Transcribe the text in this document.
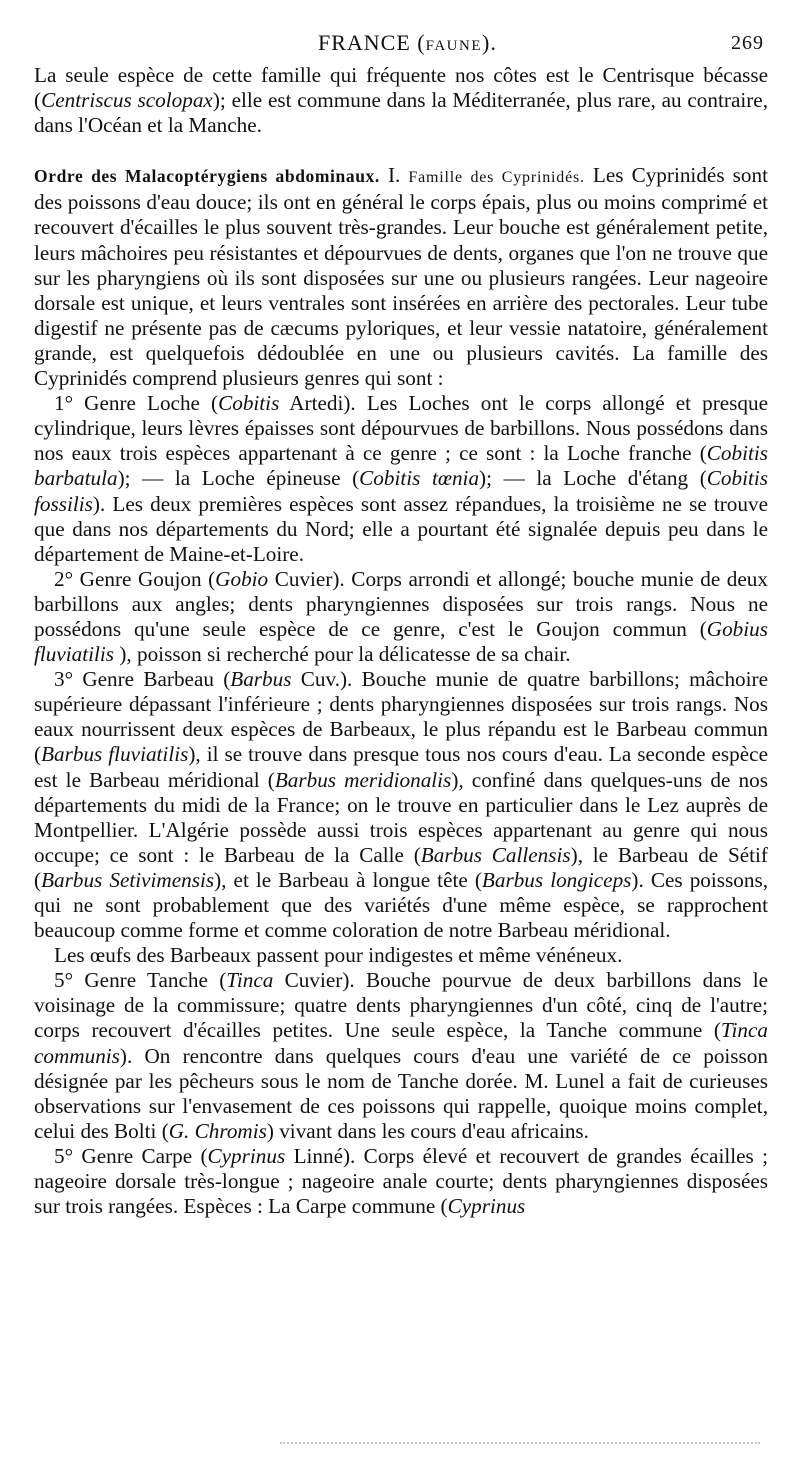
FRANCE (FAUNE).	269

La seule espèce de cette famille qui fréquente nos côtes est le Centrisque bécasse (Centriscus scolopax); elle est commune dans la Méditerranée, plus rare, au contraire, dans l'Océan et la Manche.

Ordre des Malacoptérygiens abdominaux. I. Famille des Cyprinidés. Les Cyprinidés sont des poissons d'eau douce; ils ont en général le corps épais, plus ou moins comprimé et recouvert d'écailles le plus souvent très-grandes. Leur bouche est généralement petite, leurs mâchoires peu résistantes et dépourvues de dents, organes que l'on ne trouve que sur les pharyngiens où ils sont disposées sur une ou plusieurs rangées. Leur nageoire dorsale est unique, et leurs ventrales sont insérées en arrière des pectorales. Leur tube digestif ne présente pas de cæcums pyloriques, et leur vessie natatoire, généralement grande, est quelquefois dédoublée en une ou plusieurs cavités. La famille des Cyprinidés comprend plusieurs genres qui sont :

1° Genre Loche (Cobitis Artedi). Les Loches ont le corps allongé et presque cylindrique, leurs lèvres épaisses sont dépourvues de barbillons. Nous possédons dans nos eaux trois espèces appartenant à ce genre ; ce sont : la Loche franche (Cobitis barbatula); — la Loche épineuse (Cobitis tœnia); — la Loche d'étang (Cobitis fossilis). Les deux premières espèces sont assez répandues, la troisième ne se trouve que dans nos départements du Nord; elle a pourtant été signalée depuis peu dans le département de Maine-et-Loire.

2° Genre Goujon (Gobio Cuvier). Corps arrondi et allongé; bouche munie de deux barbillons aux angles; dents pharyngiennes disposées sur trois rangs. Nous ne possédons qu'une seule espèce de ce genre, c'est le Goujon commun (Gobius fluviatilis ), poisson si recherché pour la délicatesse de sa chair.

3° Genre Barbeau (Barbus Cuv.). Bouche munie de quatre barbillons; mâchoire supérieure dépassant l'inférieure ; dents pharyngiennes disposées sur trois rangs. Nos eaux nourrissent deux espèces de Barbeaux, le plus répandu est le Barbeau commun (Barbus fluviatilis), il se trouve dans presque tous nos cours d'eau. La seconde espèce est le Barbeau méridional (Barbus meridionalis), confiné dans quelques-uns de nos départements du midi de la France; on le trouve en particulier dans le Lez auprès de Montpellier. L'Algérie possède aussi trois espèces appartenant au genre qui nous occupe; ce sont : le Barbeau de la Calle (Barbus Callensis), le Barbeau de Sétif (Barbus Setivimensis), et le Barbeau à longue tête (Barbus longiceps). Ces poissons, qui ne sont probablement que des variétés d'une même espèce, se rapprochent beaucoup comme forme et comme coloration de notre Barbeau méridional.

Les œufs des Barbeaux passent pour indigestes et même vénéneux.

5° Genre Tanche (Tinca Cuvier). Bouche pourvue de deux barbillons dans le voisinage de la commissure; quatre dents pharyngiennes d'un côté, cinq de l'autre; corps recouvert d'écailles petites. Une seule espèce, la Tanche commune (Tinca communis). On rencontre dans quelques cours d'eau une variété de ce poisson désignée par les pêcheurs sous le nom de Tanche dorée. M. Lunel a fait de curieuses observations sur l'envasement de ces poissons qui rappelle, quoique moins complet, celui des Bolti (G. Chromis) vivant dans les cours d'eau africains.

5° Genre Carpe (Cyprinus Linné). Corps élevé et recouvert de grandes écailles ; nageoire dorsale très-longue ; nageoire anale courte; dents pharyngiennes disposées sur trois rangées. Espèces : La Carpe commune (Cyprinus
